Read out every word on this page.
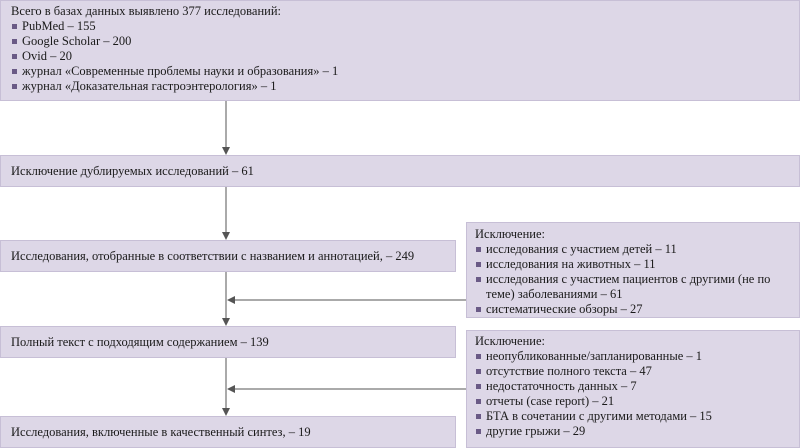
Всего в базах данных выявлено 377 исследований:
PubMed – 155
Google Scholar – 200
Ovid – 20
журнал «Современные проблемы науки и образования» – 1
журнал «Доказательная гастроэнтерология» – 1
Исключение дублируемых исследований – 61
Исследования, отобранные в соответствии с названием и аннотацией, – 249
Полный текст с подходящим содержанием – 139
Исследования, включенные в качественный синтез, – 19
Исключение:
исследования с участием детей – 11
исследования на животных – 11
исследования с участием пациентов с другими (не по теме) заболеваниями – 61
систематические обзоры – 27
Исключение:
неопубликованные/запланированные – 1
отсутствие полного текста – 47
недостаточность данных – 7
отчеты (case report) – 21
БТА в сочетании с другими методами – 15
другие грыжи – 29
